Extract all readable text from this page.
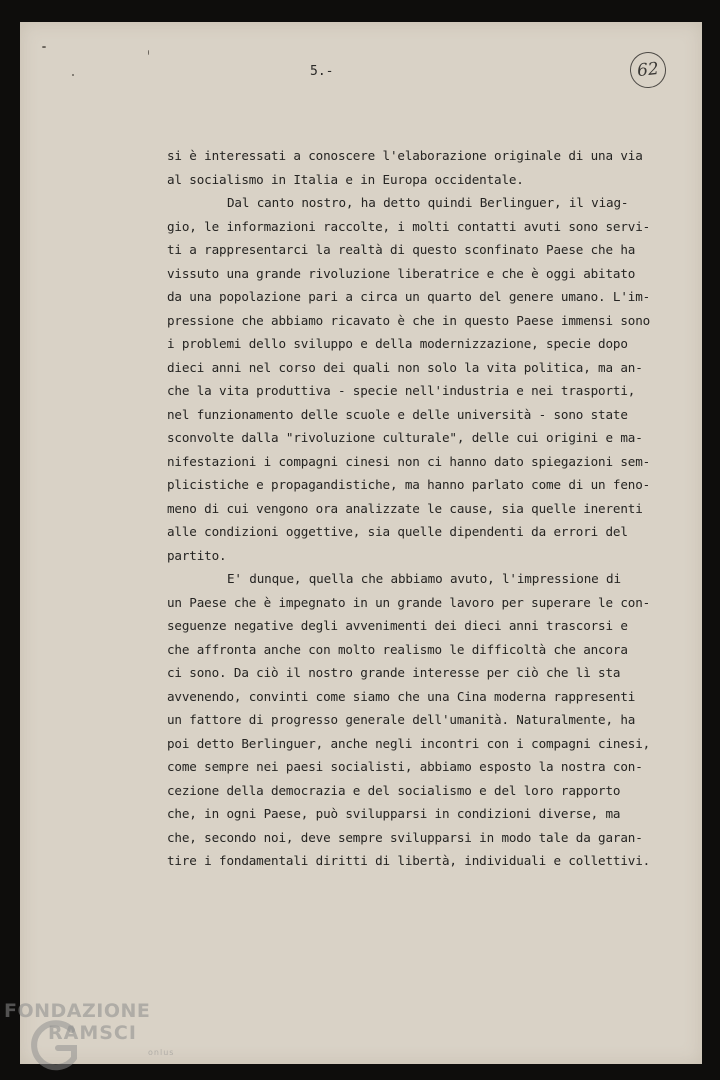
5.-	62
si è interessati a conoscere l'elaborazione originale di una via
al socialismo in Italia e in Europa occidentale.
Dal canto nostro, ha detto quindi Berlinguer, il viag-
gio, le informazioni raccolte, i molti contatti avuti sono servi-
ti a rappresentarci la realtà di questo sconfinato Paese che ha
vissuto una grande rivoluzione liberatrice e che è oggi abitato
da una popolazione pari a circa un quarto del genere umano. L'im-
pressione che abbiamo ricavato è che in questo Paese immensi sono
i problemi dello sviluppo e della modernizzazione, specie dopo
dieci anni nel corso dei quali non solo la vita politica, ma an-
che la vita produttiva - specie nell'industria e nei trasporti,
nel funzionamento delle scuole e delle università - sono state
sconvolte dalla "rivoluzione culturale", delle cui origini e ma-
nifestazioni i compagni cinesi non ci hanno dato spiegazioni sem-
plicistiche e propagandistiche, ma hanno parlato come di un feno-
meno di cui vengono ora analizzate le cause, sia quelle inerenti
alle condizioni oggettive, sia quelle dipendenti da errori del
partito.
E' dunque, quella che abbiamo avuto, l'impressione di
un Paese che è impegnato in un grande lavoro per superare le con-
seguenze negative degli avvenimenti dei dieci anni trascorsi e
che affronta anche con molto realismo le difficoltà che ancora
ci sono. Da ciò il nostro grande interesse per ciò che lì sta
avvenendo, convinti come siamo che una Cina moderna rappresenti
un fattore di progresso generale dell'umanità. Naturalmente, ha
poi detto Berlinguer, anche negli incontri con i compagni cinesi,
come sempre nei paesi socialisti, abbiamo esposto la nostra con-
cezione della democrazia e del socialismo e del loro rapporto
che, in ogni Paese, può svilupparsi in condizioni diverse, ma
che, secondo noi, deve sempre svilupparsi in modo tale da garan-
tire i fondamentali diritti di libertà, individuali e collettivi.
FONDAZIONE
RAMSCI
onlus
